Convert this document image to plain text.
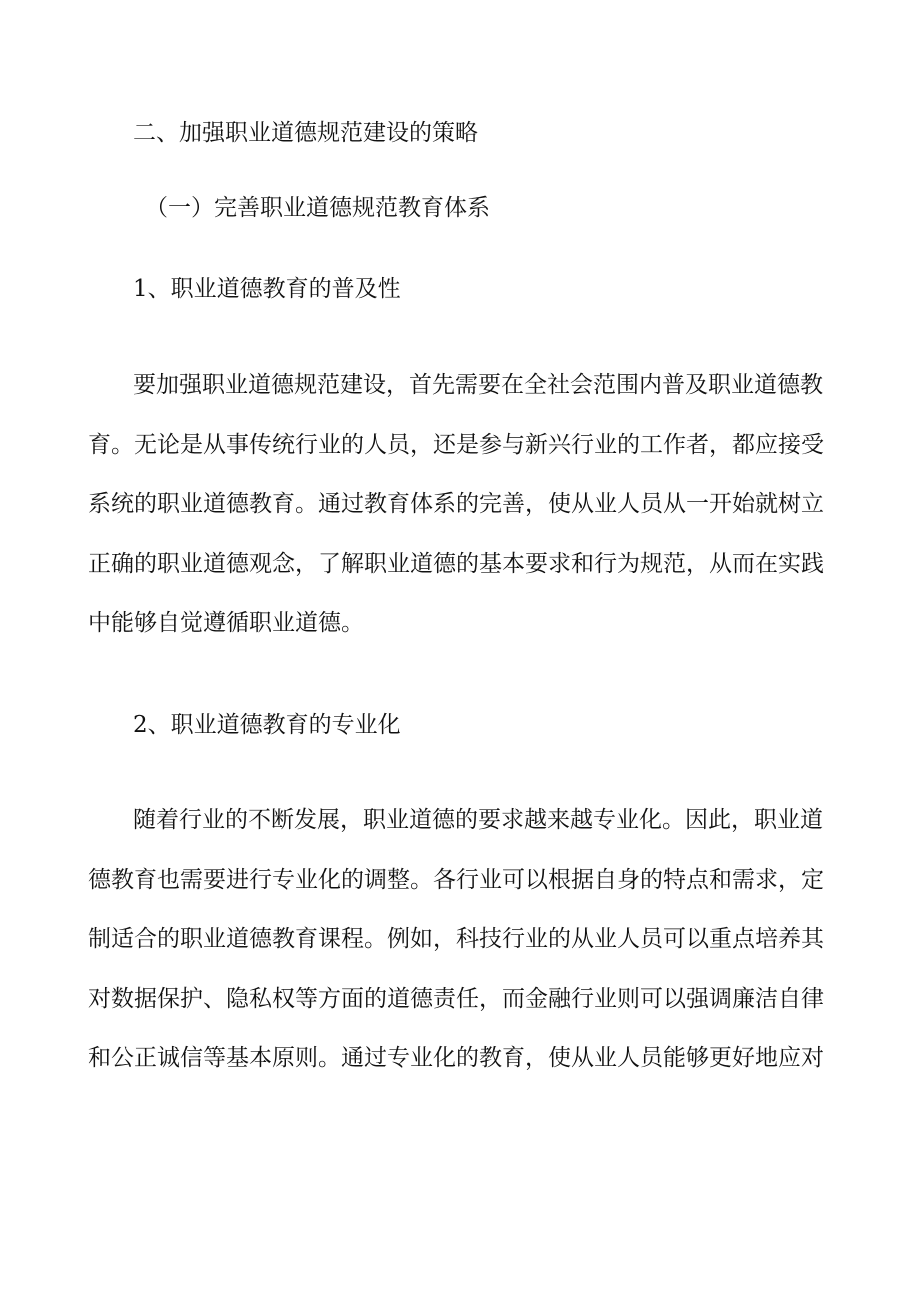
二、加强职业道德规范建设的策略
（一）完善职业道德规范教育体系
1、职业道德教育的普及性
要加强职业道德规范建设，首先需要在全社会范围内普及职业道德教
育。无论是从事传统行业的人员，还是参与新兴行业的工作者，都应接受
系统的职业道德教育。通过教育体系的完善，使从业人员从一开始就树立
正确的职业道德观念，了解职业道德的基本要求和行为规范，从而在实践
中能够自觉遵循职业道德。
2、职业道德教育的专业化
随着行业的不断发展，职业道德的要求越来越专业化。因此，职业道
德教育也需要进行专业化的调整。各行业可以根据自身的特点和需求，定
制适合的职业道德教育课程。例如，科技行业的从业人员可以重点培养其
对数据保护、隐私权等方面的道德责任，而金融行业则可以强调廉洁自律
和公正诚信等基本原则。通过专业化的教育，使从业人员能够更好地应对
